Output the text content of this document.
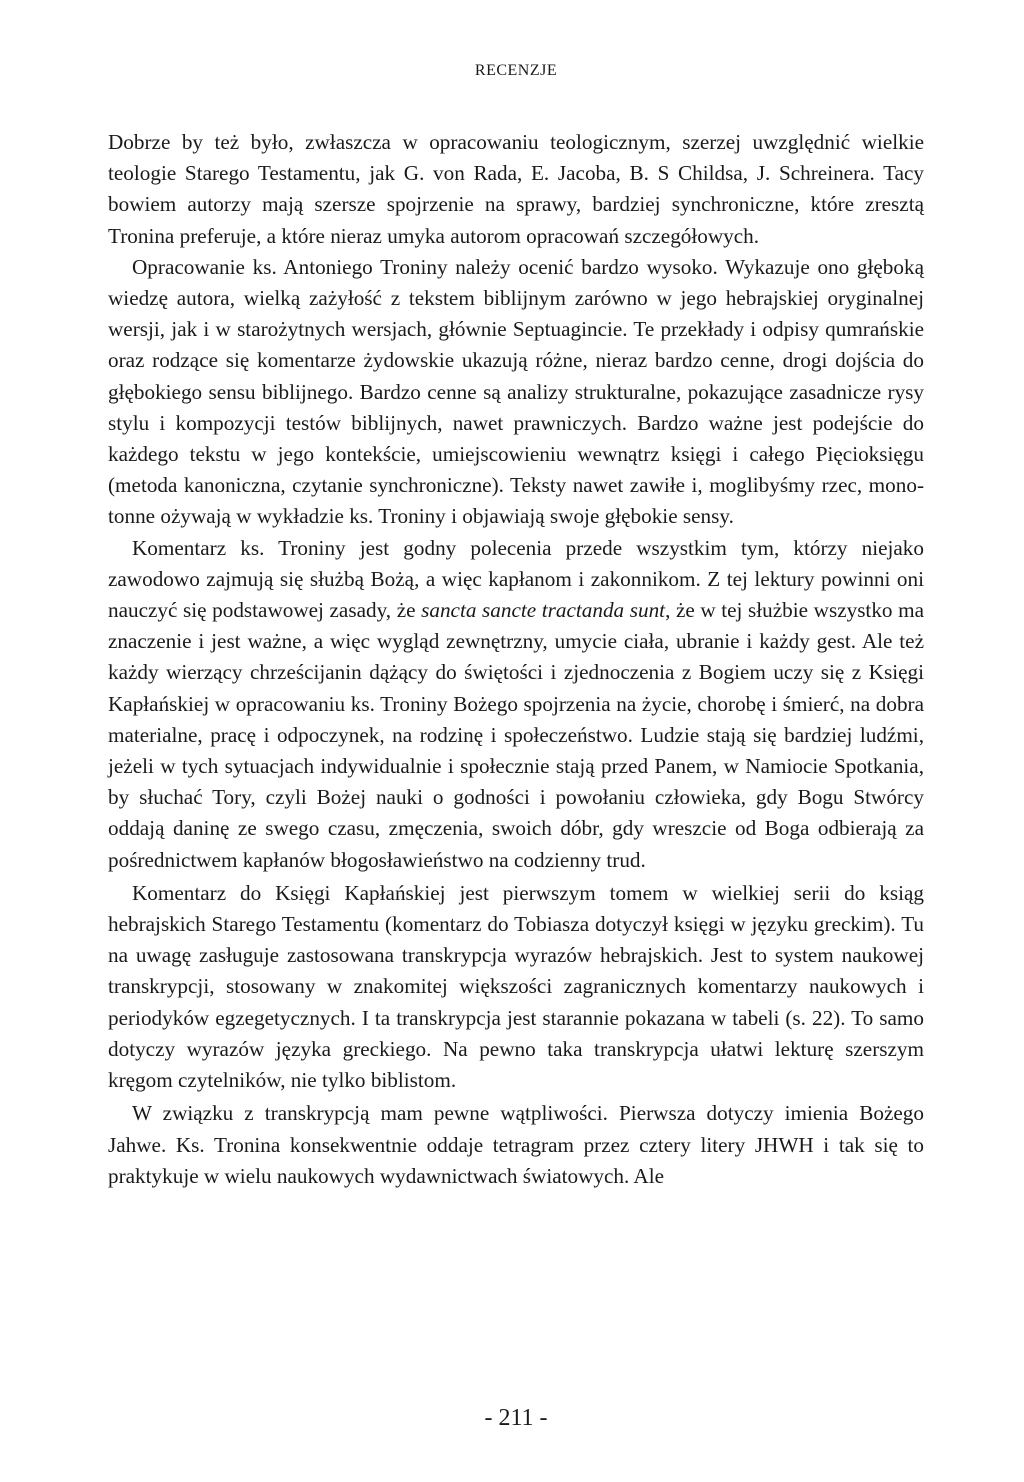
RECENZJE

Dobrze by też było, zwłaszcza w opracowaniu teologicznym, szerzej uwzględnić wielkie teologie Starego Testamentu, jak G. von Rada, E. Jacoba, B. S Childsa, J. Schreinera. Tacy bowiem autorzy mają szersze spojrzenie na sprawy, bardziej synchroniczne, które zresztą Tronina preferuje, a które nieraz umyka autorom opracowań szczegółowych.

Opracowanie ks. Antoniego Troniny należy ocenić bardzo wysoko. Wykazuje ono głęboką wiedzę autora, wielką zażyłość z tekstem biblijnym zarówno w jego hebrajskiej oryginalnej wersji, jak i w starożytnych wersjach, głównie Septuagincie. Te przekłady i odpisy qumrańskie oraz rodzące się komentarze żydowskie ukazują różne, nieraz bardzo cenne, drogi dojścia do głębokiego sensu biblijnego. Bardzo cenne są analizy strukturalne, pokazujące zasadnicze rysy stylu i kompozycji testów biblijnych, nawet prawniczych. Bardzo ważne jest podejście do każdego tekstu w jego kontekście, umiejscowieniu wewnątrz księgi i całego Pięcioksięgu (metoda kanoniczna, czytanie synchroniczne). Teksty nawet zawiłe i, moglibyśmy rzec, monotonne ożywają w wykładzie ks. Troniny i objawiają swoje głębokie sensy.

Komentarz ks. Troniny jest godny polecenia przede wszystkim tym, którzy niejako zawodowo zajmują się służbą Bożą, a więc kapłanom i zakonnikom. Z tej lektury powinni oni nauczyć się podstawowej zasady, że sancta sancte tractanda sunt, że w tej służbie wszystko ma znaczenie i jest ważne, a więc wygląd zewnętrzny, umycie ciała, ubranie i każdy gest. Ale też każdy wierzący chrześcijanin dążący do świętości i zjednoczenia z Bogiem uczy się z Księgi Kapłańskiej w opracowaniu ks. Troniny Bożego spojrzenia na życie, chorobę i śmierć, na dobra materialne, pracę i odpoczynek, na rodzinę i społeczeństwo. Ludzie stają się bardziej ludźmi, jeżeli w tych sytuacjach indywidualnie i społecznie stają przed Panem, w Namiocie Spotkania, by słuchać Tory, czyli Bożej nauki o godności i powołaniu człowieka, gdy Bogu Stwórcy oddają daninę ze swego czasu, zmęczenia, swoich dóbr, gdy wreszcie od Boga odbierają za pośrednictwem kapłanów błogosławieństwo na codzienny trud.

Komentarz do Księgi Kapłańskiej jest pierwszym tomem w wielkiej serii do ksiąg hebrajskich Starego Testamentu (komentarz do Tobiasza dotyczył księgi w języku greckim). Tu na uwagę zasługuje zastosowana transkrypcja wyrazów hebrajskich. Jest to system naukowej transkrypcji, stosowany w znakomitej większości zagranicznych komentarzy naukowych i periodyków egzegetycznych. I ta transkrypcja jest starannie pokazana w tabeli (s. 22). To samo dotyczy wyrazów języka greckiego. Na pewno taka transkrypcja ułatwi lekturę szerszym kręgom czytelników, nie tylko biblistom.

W związku z transkrypcją mam pewne wątpliwości. Pierwsza dotyczy imienia Bożego Jahwe. Ks. Tronina konsekwentnie oddaje tetragram przez cztery litery JHWH i tak się to praktykuje w wielu naukowych wydawnictwach światowych. Ale

- 211 -
